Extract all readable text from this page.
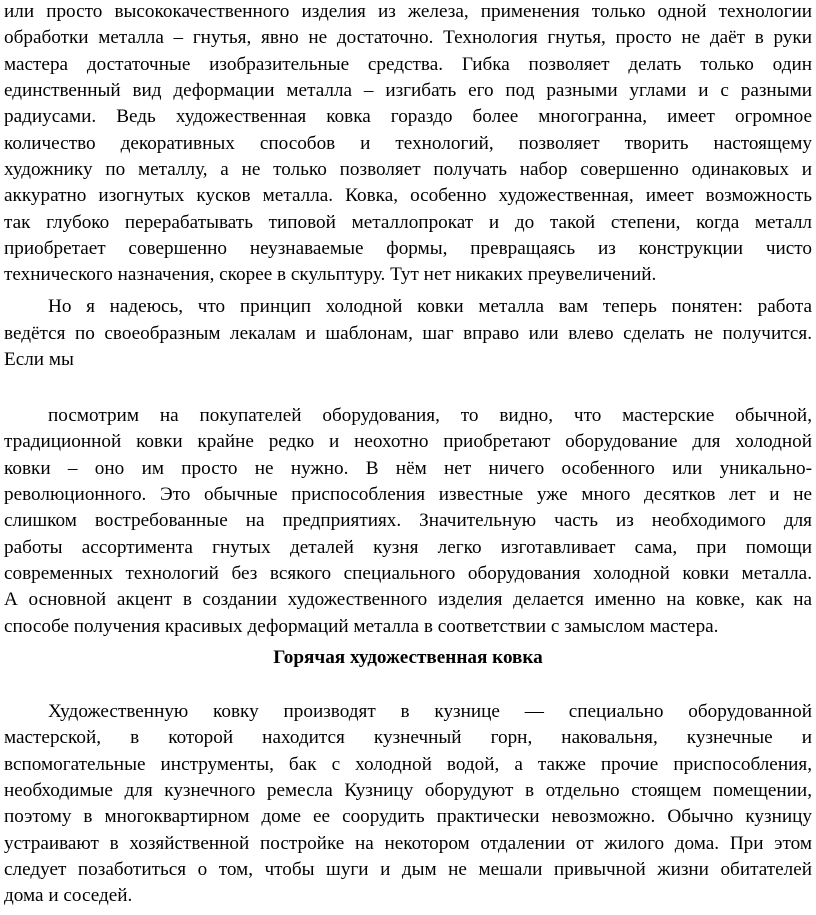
или просто высококачественного изделия из железа, применения только одной технологии
обработки металла – гнутья, явно не достаточно. Технология гнутья, просто не даёт в руки
мастера достаточные изобразительные средства. Гибка позволяет делать только один
единственный вид деформации металла – изгибать его под разными углами и с разными
радиусами. Ведь художественная ковка гораздо более многогранна, имеет огромное
количество декоративных способов и технологий, позволяет творить настоящему
художнику по металлу, а не только позволяет получать набор совершенно одинаковых и
аккуратно изогнутых кусков металла. Ковка, особенно художественная, имеет возможность
так глубоко перерабатывать типовой металлопрокат и до такой степени, когда металл
приобретает совершенно неузнаваемые формы, превращаясь из конструкции чисто
технического назначения, скорее в скульптуру. Тут нет никаких преувеличений.
Но я надеюсь, что принцип холодной ковки металла вам теперь понятен: работа
ведётся по своеобразным лекалам и шаблонам, шаг вправо или влево сделать не получится.
Если мы
посмотрим на покупателей оборудования, то видно, что мастерские обычной,
традиционной ковки крайне редко и неохотно приобретают оборудование для холодной
ковки – оно им просто не нужно. В нём нет ничего особенного или уникально-
революционного. Это обычные приспособления известные уже много десятков лет и не
слишком востребованные на предприятиях. Значительную часть из необходимого для
работы ассортимента гнутых деталей кузня легко изготавливает сама, при помощи
современных технологий без всякого специального оборудования холодной ковки металла.
А основной акцент в создании художественного изделия делается именно на ковке, как на
способе получения красивых деформаций металла в соответствии с замыслом мастера.
Горячая художественная ковка
Художественную ковку производят в кузнице — специально оборудованной
мастерской, в которой находится кузнечный горн, наковальня, кузнечные и
вспомогательные инструменты, бак с холодной водой, а также прочие приспособления,
необходимые для кузнечного ремесла Кузницу оборудуют в отдельно стоящем помещении,
поэтому в многоквартирном доме ее соорудить практически невозможно. Обычно кузницу
устраивают в хозяйственной постройке на некотором отдалении от жилого дома. При этом
следует позаботиться о том, чтобы шуги и дым не мешали привычной жизни обитателей
дома и соседей.
